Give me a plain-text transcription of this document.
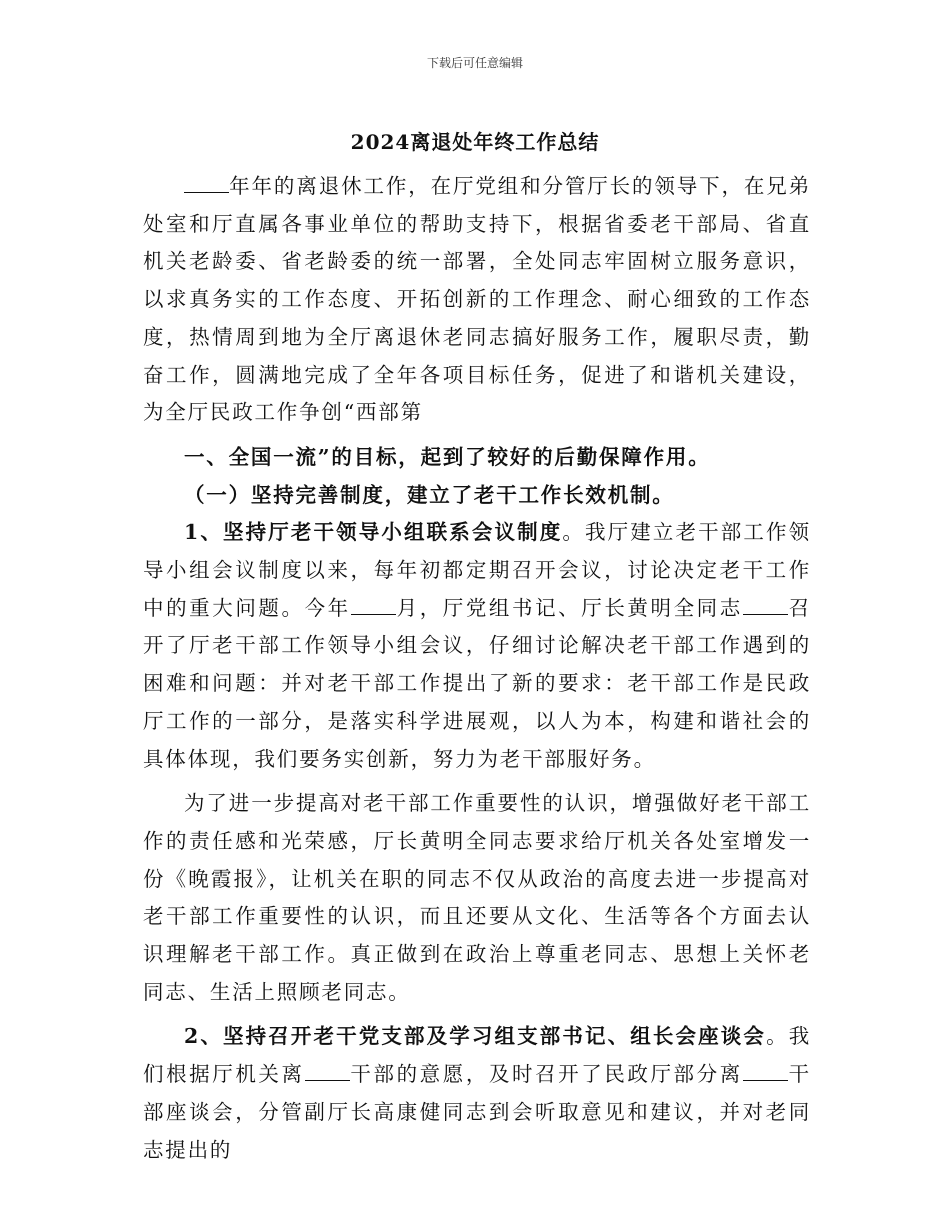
下载后可任意编辑
2024离退处年终工作总结

年年的离退休工作，在厅党组和分管厅长的领导下，在兄弟处室和厅直属各事业单位的帮助支持下，根据省委老干部局、省直机关老龄委、省老龄委的统一部署，全处同志牢固树立服务意识，以求真务实的工作态度、开拓创新的工作理念、耐心细致的工作态度，热情周到地为全厅离退休老同志搞好服务工作，履职尽责，勤奋工作，圆满地完成了全年各项目标任务，促进了和谐机关建设，为全厅民政工作争创“西部第

一、全国一流”的目标，起到了较好的后勤保障作用。

（一）坚持完善制度，建立了老干工作长效机制。

1、坚持厅老干领导小组联系会议制度。我厅建立老干部工作领导小组会议制度以来，每年初都定期召开会议，讨论决定老干工作中的重大问题。今年 月，厅党组书记、厅长黄明全同志 召开了厅老干部工作领导小组会议，仔细讨论解决老干部工作遇到的困难和问题：并对老干部工作提出了新的要求：老干部工作是民政厅工作的一部分，是落实科学进展观，以人为本，构建和谐社会的具体体现，我们要务实创新，努力为老干部服好务。

为了进一步提高对老干部工作重要性的认识，增强做好老干部工作的责任感和光荣感，厅长黄明全同志要求给厅机关各处室增发一份《晚霞报》，让机关在职的同志不仅从政治的高度去进一步提高对老干部工作重要性的认识，而且还要从文化、生活等各个方面去认识理解老干部工作。真正做到在政治上尊重老同志、思想上关怀老同志、生活上照顾老同志。

2、坚持召开老干党支部及学习组支部书记、组长会座谈会。我们根据厅机关离 干部的意愿，及时召开了民政厅部分离 干部座谈会，分管副厅长高康健同志到会听取意见和建议，并对老同志提出的
